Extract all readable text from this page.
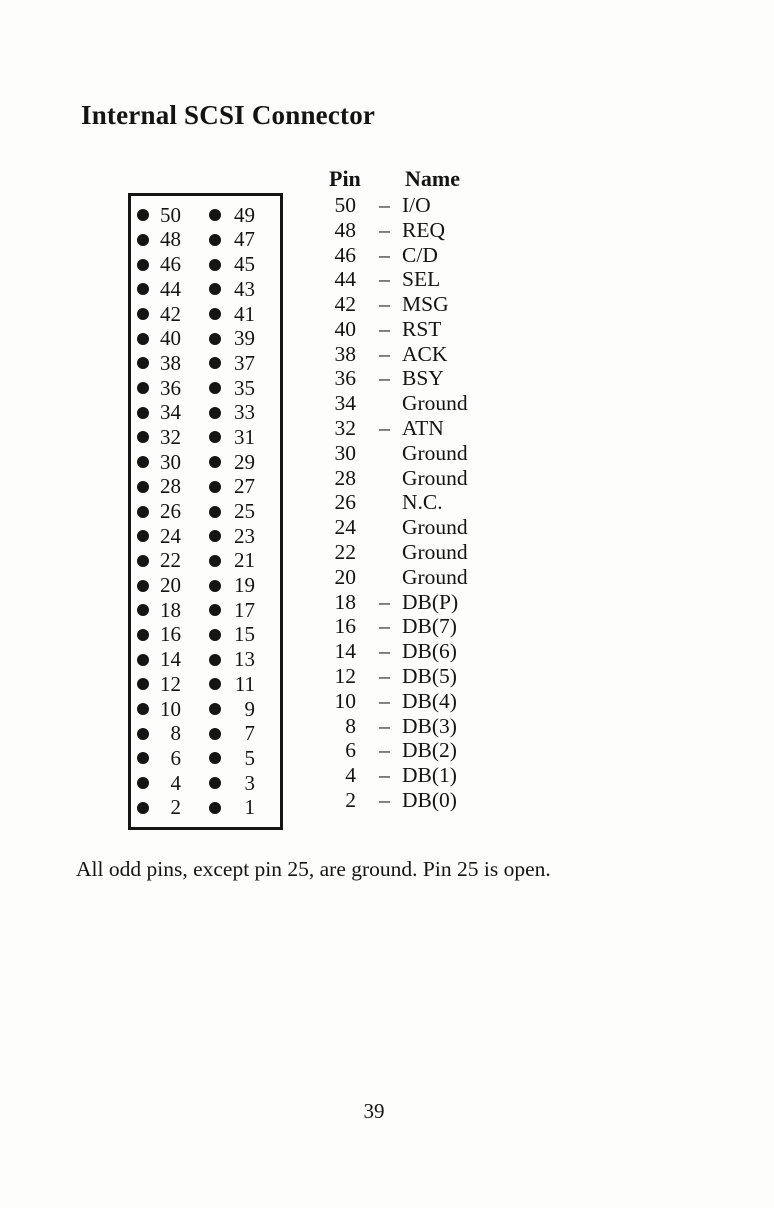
Internal SCSI Connector
50	49
48	47
46	45
44	43
42	41
40	39
38	37
36	35
34	33
32	31
30	29
28	27
26	25
24	23
22	21
20	19
18	17
16	15
14	13
12	11
10	9
8	7
6	5
4	3
2	1
Pin	Name
50 – I/O
48 – REQ
46 – C/D
44 – SEL
42 – MSG
40 – RST
38 – ACK
36 – BSY
34 Ground
32 – ATN
30 Ground
28 Ground
26 N.C.
24 Ground
22 Ground
20 Ground
18 – DB(P)
16 – DB(7)
14 – DB(6)
12 – DB(5)
10 – DB(4)
8 – DB(3)
6 – DB(2)
4 – DB(1)
2 – DB(0)

All odd pins, except pin 25, are ground. Pin 25 is open.

39
